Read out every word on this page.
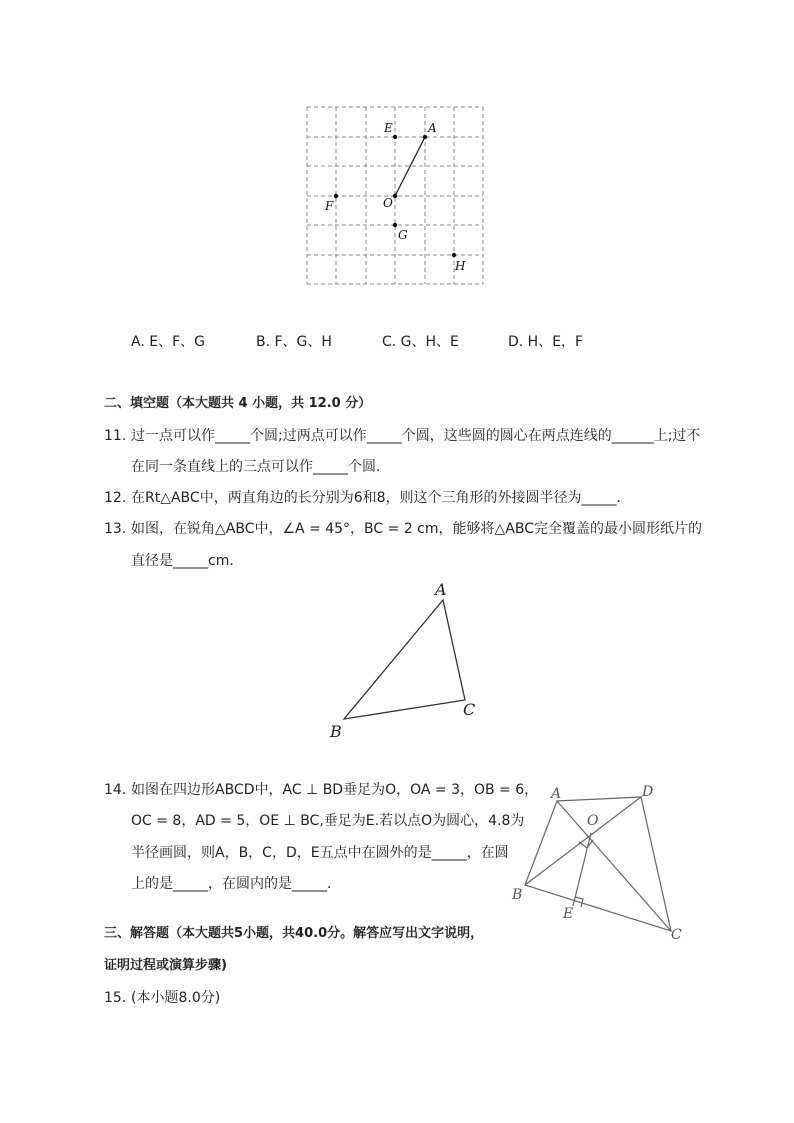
E	A
F	O
G
H
A. E、F、G	B. F、G、H	C. G、H、E	D. H、E，F
二、填空题（本大题共 4 小题，共 12.0 分）
11. 过一点可以作_____个圆;过两点可以作_____个圆，这些圆的圆心在两点连线的______上;过不
在同一条直线上的三点可以作_____个圆．
12. 在Rt△ABC中，两直角边的长分别为6和8，则这个三角形的外接圆半径为_____．
13. 如图，在锐角△ABC中，∠A = 45°，BC = 2 cm，能够将△ABC完全覆盖的最小圆形纸片的
直径是_____cm．
A
B
C
14. 如图在四边形ABCD中，AC ⊥ BD垂足为O，OA = 3，OB = 6，
OC = 8，AD = 5，OE ⊥ BC,垂足为E.若以点O为圆心，4.8为
半径画圆，则A，B，C，D，E五点中在圆外的是_____，在圆
上的是_____，在圆内的是_____．
A	D
O
B
E
C
三、解答题（本大题共5小题，共40.0分。解答应写出文字说明，
证明过程或演算步骤)
15. (本小题8.0分)
